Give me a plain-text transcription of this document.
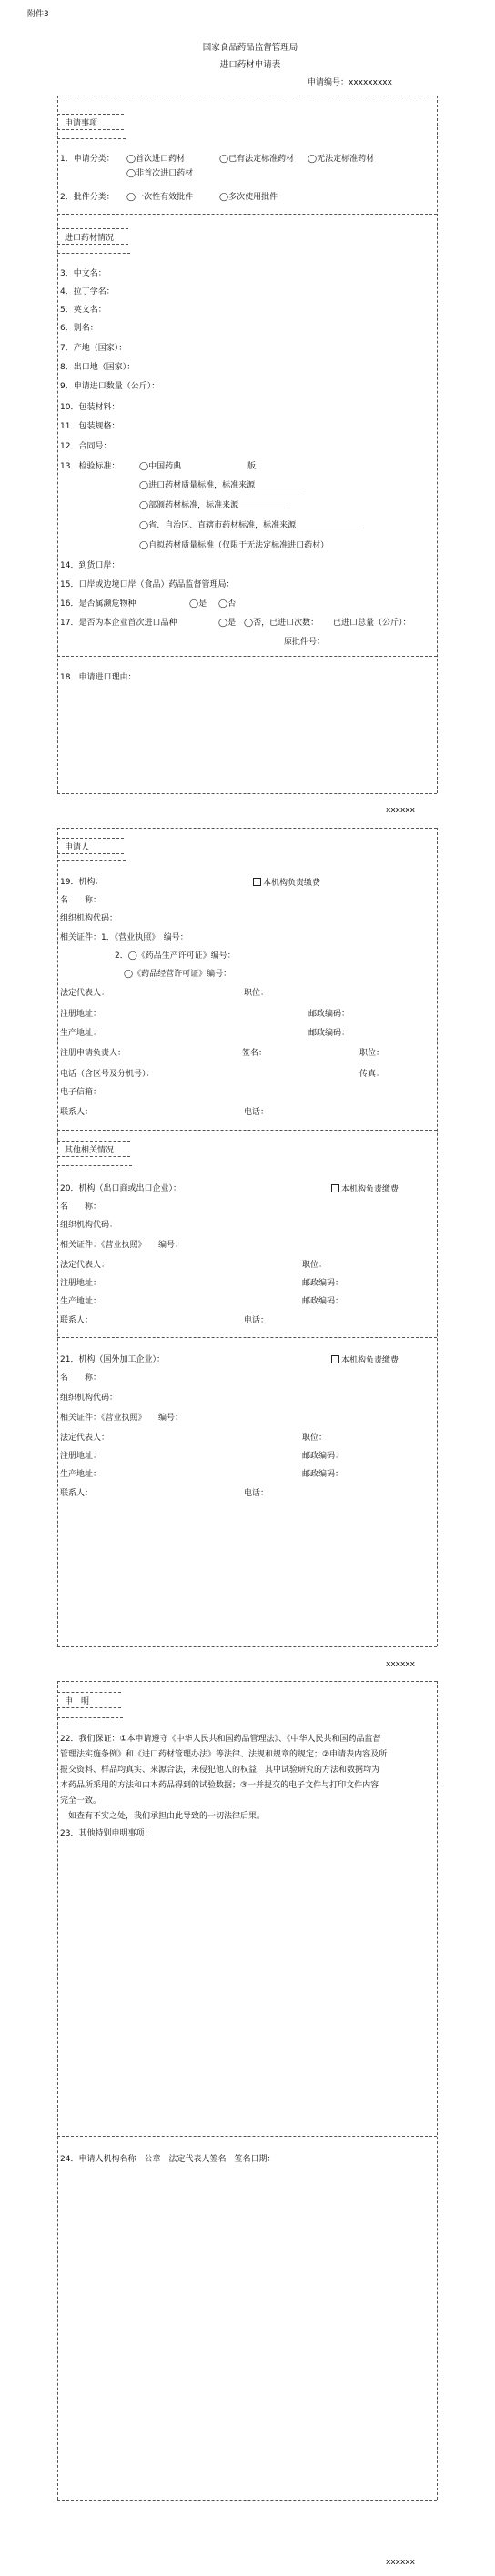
附件3
国家食品药品监督管理局
进口药材申请表
申请编号：xxxxxxxxx
申请事项
1．申请分类： ◯首次进口药材	◯已有法定标准药材 ◯无法定标准药材
◯非首次进口药材
2．批件分类： ◯一次性有效批件	◯多次使用批件
进口药材情况
3．中文名：
4．拉丁学名：
5．英文名：
6．别名：
7．产地（国家）：
8．出口地（国家）：
9．申请进口数量（公斤）：
10．包装材料：
11．包装规格：
12．合同号：
13．检验标准： ◯中国药典	版
◯进口药材质量标准，标准来源＿＿＿＿＿＿
◯部颁药材标准，标准来源＿＿＿＿＿＿
◯省、自治区、直辖市药材标准，标准来源＿＿＿＿＿＿＿＿
◯自拟药材质量标准（仅限于无法定标准进口药材）
14．到货口岸：
15．口岸或边境口岸（食品）药品监督管理局：
16．是否属濒危物种	◯是 ◯否
17．是否为本企业首次进口品种	◯是 ◯否，已进口次数： 已进口总量（公斤）：
原批件号：
18．申请进口理由：
xxxxxx
申请人
19．机构：	本机构负责缴费
名　　称：
组织机构代码：
相关证件：1．《营业执照》　编号：
2．◯《药品生产许可证》编号：
◯《药品经营许可证》编号：
法定代表人：	职位：
注册地址：	邮政编码：
生产地址：	邮政编码：
注册申请负责人：	签名：	职位：
电话（含区号及分机号）：	传真：
电子信箱：
联系人：	电话：
其他相关情况
20．机构（出口商或出口企业）：	本机构负责缴费
名　　称：
组织机构代码：
相关证件：《营业执照》　　编号：
法定代表人：	职位：
注册地址：	邮政编码：
生产地址：	邮政编码：
联系人：	电话：
21．机构（国外加工企业）：	本机构负责缴费
名　　称：
组织机构代码：
相关证件：《营业执照》　　编号：
法定代表人：	职位：
注册地址：	邮政编码：
生产地址：	邮政编码：
联系人：	电话：
xxxxxx
申　明
22．我们保证：①本申请遵守《中华人民共和国药品管理法》、《中华人民共和国药品监督
管理法实施条例》和《进口药材管理办法》等法律、法规和规章的规定；②申请表内容及所
报交资料、样品均真实、来源合法，未侵犯他人的权益，其中试验研究的方法和数据均为
本药品所采用的方法和由本药品得到的试验数据；③一并提交的电子文件与打印文件内容
完全一致。
　如查有不实之处，我们承担由此导致的一切法律后果。
23．其他特别申明事项：
24．申请人机构名称　公章　法定代表人签名　签名日期：
xxxxxx
